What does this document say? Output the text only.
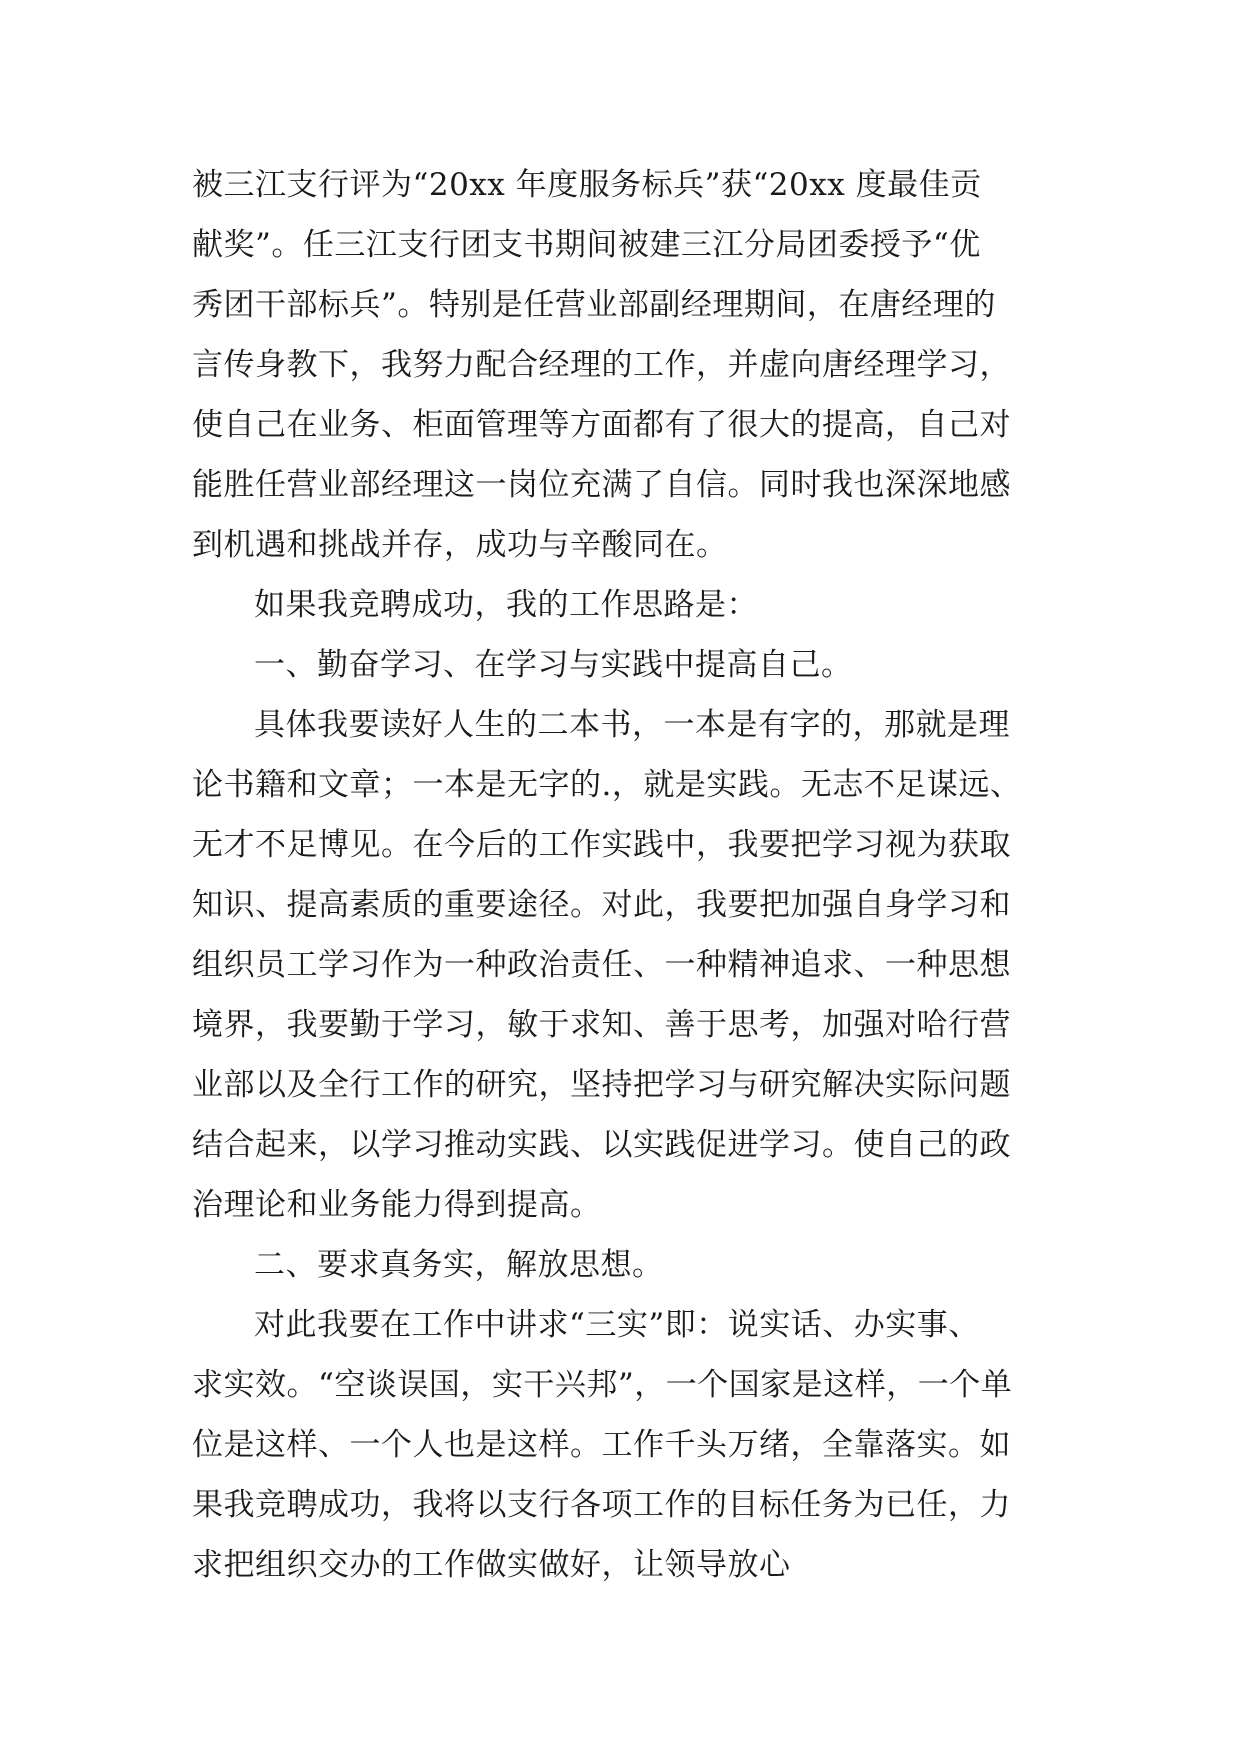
被三江支行评为“20xx 年度服务标兵”获“20xx 度最佳贡
献奖”。任三江支行团支书期间被建三江分局团委授予“优
秀团干部标兵”。特别是任营业部副经理期间，在唐经理的
言传身教下，我努力配合经理的工作，并虚向唐经理学习，
使自己在业务、柜面管理等方面都有了很大的提高，自己对
能胜任营业部经理这一岗位充满了自信。同时我也深深地感
到机遇和挑战并存，成功与辛酸同在。
如果我竞聘成功，我的工作思路是：
一、勤奋学习、在学习与实践中提高自己。
具体我要读好人生的二本书，一本是有字的，那就是理
论书籍和文章；一本是无字的.，就是实践。无志不足谋远、
无才不足博见。在今后的工作实践中，我要把学习视为获取
知识、提高素质的重要途径。对此，我要把加强自身学习和
组织员工学习作为一种政治责任、一种精神追求、一种思想
境界，我要勤于学习，敏于求知、善于思考，加强对哈行营
业部以及全行工作的研究，坚持把学习与研究解决实际问题
结合起来，以学习推动实践、以实践促进学习。使自己的政
治理论和业务能力得到提高。
二、要求真务实，解放思想。
对此我要在工作中讲求“三实”即：说实话、办实事、
求实效。“空谈误国，实干兴邦”，一个国家是这样，一个单
位是这样、一个人也是这样。工作千头万绪，全靠落实。如
果我竞聘成功，我将以支行各项工作的目标任务为已任，力
求把组织交办的工作做实做好，让领导放心
